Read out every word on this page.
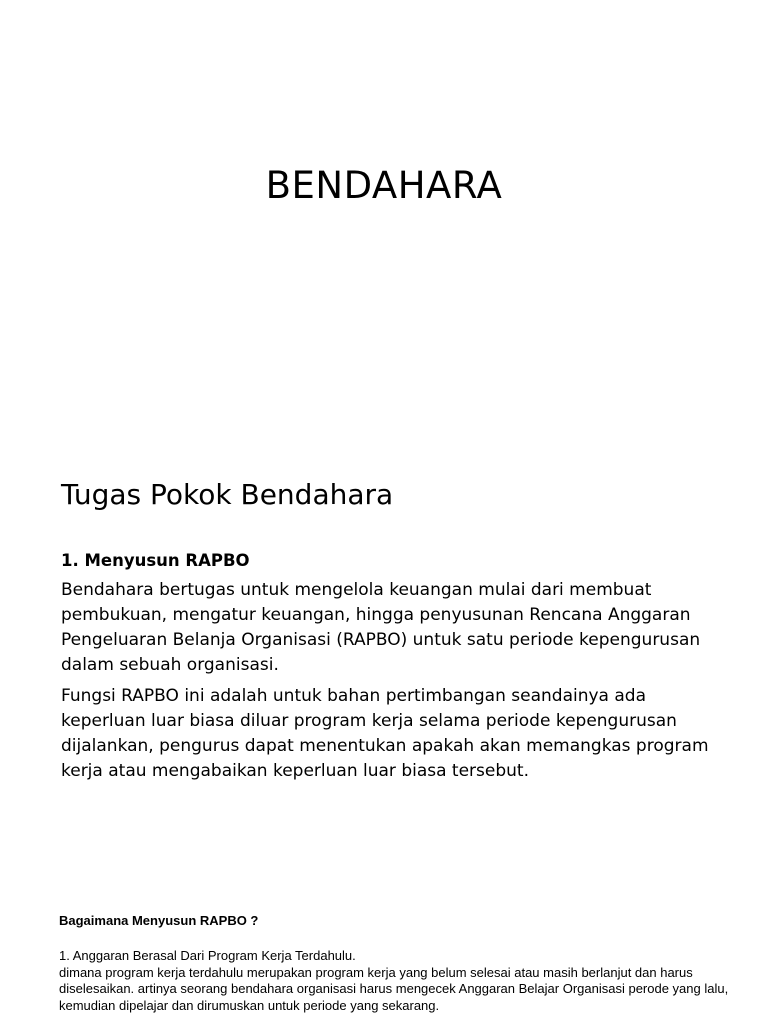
BENDAHARA
Tugas Pokok Bendahara
1. Menyusun RAPBO

Bendahara bertugas untuk mengelola keuangan mulai dari membuat pembukuan, mengatur keuangan, hingga penyusunan Rencana Anggaran Pengeluaran Belanja Organisasi (RAPBO) untuk satu periode kepengurusan dalam sebuah organisasi.

Fungsi RAPBO ini adalah untuk bahan pertimbangan seandainya ada keperluan luar biasa diluar program kerja selama periode kepengurusan dijalankan, pengurus dapat menentukan apakah akan memangkas program kerja atau mengabaikan keperluan luar biasa tersebut.

Bagaimana Menyusun RAPBO ?
1. Anggaran Berasal Dari Program Kerja Terdahulu.
dimana program kerja terdahulu merupakan program kerja yang belum selesai atau masih berlanjut dan harus diselesaikan. artinya seorang bendahara organisasi harus mengecek Anggaran Belajar Organisasi perode yang lalu, kemudian dipelajar dan dirumuskan untuk periode yang sekarang.
